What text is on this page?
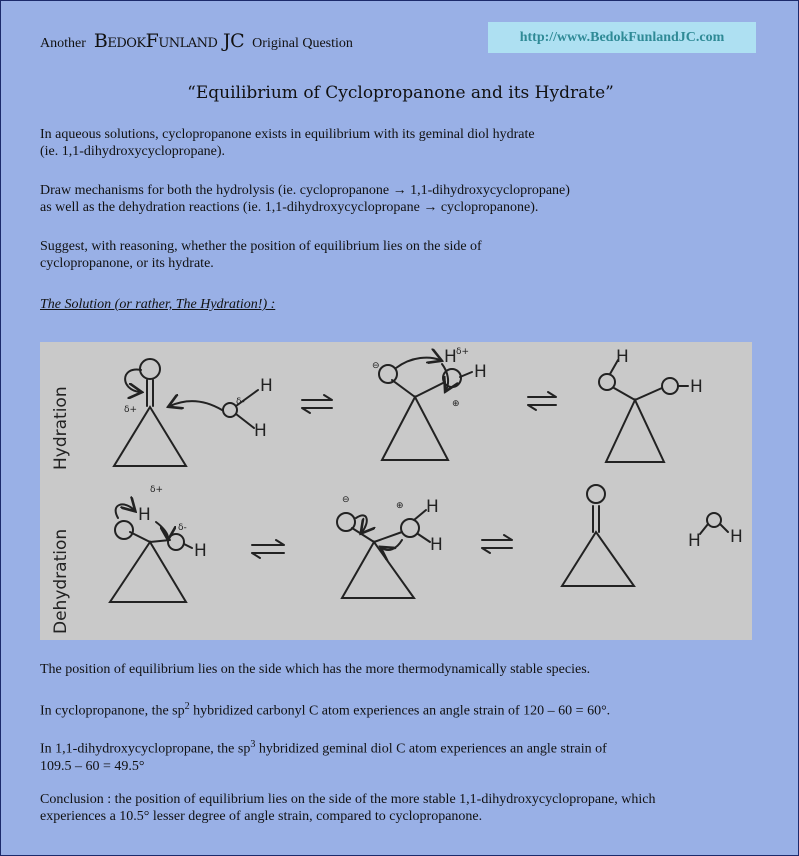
Another BedokFunland JC Original Question	http://www.BedokFunlandJC.com
“Equilibrium of Cyclopropanone and its Hydrate”
In aqueous solutions, cyclopropanone exists in equilibrium with its geminal diol hydrate
(ie. 1,1-dihydroxycyclopropane).
Draw mechanisms for both the hydrolysis (ie. cyclopropanone → 1,1-dihydroxycyclopropane)
as well as the dehydration reactions (ie. 1,1-dihydroxycyclopropane → cyclopropanone).
Suggest, with reasoning, whether the position of equilibrium lies on the side of
cyclopropanone, or its hydrate.
The Solution (or rather, The Hydration!) :
Hydration
Dehydration
δ+
δ-
H
H
⊖
⊕
H
H δ+	H
H
H
δ+
δ-
H
⊖
⊕ H
H	H H
The position of equilibrium lies on the side which has the more thermodynamically stable species.
In cyclopropanone, the $sp^2$ hybridized carbonyl C atom experiences an angle strain of 120 – 60 = 60°.
In 1,1-dihydroxycyclopropane, the $sp^3$ hybridized geminal diol C atom experiences an angle strain of
109.5 – 60 = 49.5°
Conclusion : the position of equilibrium lies on the side of the more stable 1,1-dihydroxycyclopropane, which
experiences a 10.5° lesser degree of angle strain, compared to cyclopropanone.
